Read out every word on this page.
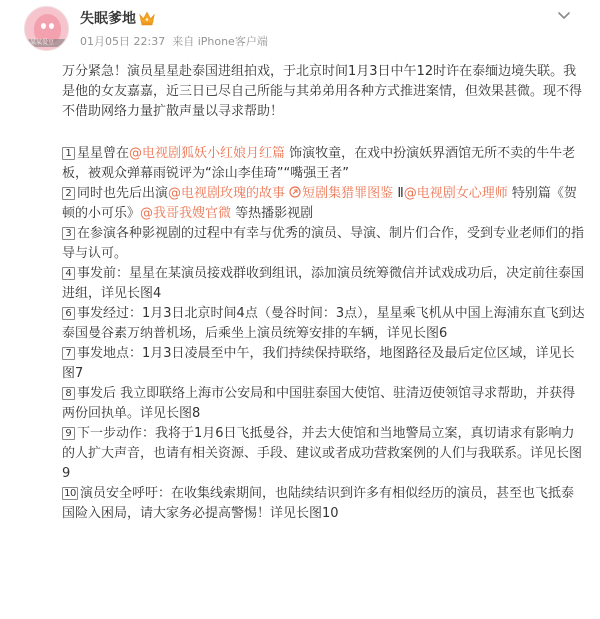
某某爱豆
失眠爹地
01月05日 22:37 来自 iPhone客户端
万分紧急！演员星星赴泰国进组拍戏，于北京时间1月3日中午12时许在泰缅边境失联。我是他的女友嘉嘉，近三日已尽自己所能与其弟弟用各种方式推进案情，但效果甚微。现不得不借助网络力量扩散声量以寻求帮助！
1 星星曾在@电视剧狐妖小红娘月红篇 饰演牧童，在戏中扮演妖界酒馆无所不卖的牛牛老板，被观众弹幕雨锐评为“涂山李佳琦”“嘴强王者”
2 同时也先后出演@电视剧玫瑰的故事 短剧集猎罪图鉴 Ⅱ@电视剧女心理师 特别篇《贺顿的小可乐》@我哥我嫂官微 等热播影视剧
3 在参演各种影视剧的过程中有幸与优秀的演员、导演、制片们合作，受到专业老师们的指导与认可。
4 事发前：星星在某演员接戏群收到组讯，添加演员统筹微信并试戏成功后，决定前往泰国进组，详见长图4
6 事发经过：1月3日北京时间4点（曼谷时间：3点），星星乘飞机从中国上海浦东直飞到达泰国曼谷素万纳普机场，后乘坐上演员统筹安排的车辆，详见长图6
7 事发地点：1月3日凌晨至中午，我们持续保持联络，地图路径及最后定位区域，详见长图7
8 事发后 我立即联络上海市公安局和中国驻泰国大使馆、驻清迈使领馆寻求帮助，并获得两份回执单。详见长图8
9 下一步动作：我将于1月6日飞抵曼谷，并去大使馆和当地警局立案，真切请求有影响力的人扩大声音，也请有相关资源、手段、建议或者成功营救案例的人们与我联系。详见长图9
10 演员安全呼吁：在收集线索期间，也陆续结识到许多有相似经历的演员，甚至也飞抵泰国险入困局，请大家务必提高警惕！详见长图10
